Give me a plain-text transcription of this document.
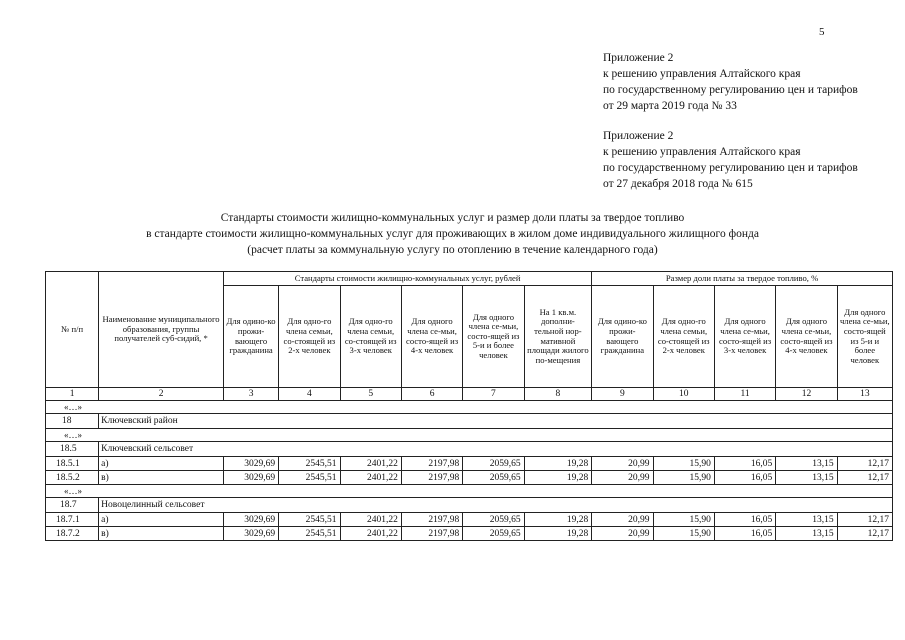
5
Приложение 2
к решению управления Алтайского края
по государственному регулированию цен и тарифов
от 29 марта 2019 года № 33
Приложение 2
к решению управления Алтайского края
по государственному регулированию цен и тарифов
от 27 декабря 2018 года № 615
Стандарты стоимости жилищно-коммунальных услуг и размер доли платы за твердое топливо
в стандарте стоимости жилищно-коммунальных услуг для проживающих в жилом доме индивидуального жилищного фонда
(расчет платы за коммунальную услугу по отоплению в течение календарного года)
№ п/п	Наименование муниципального образования, группы получателей суб-сидий, *	Стандарты стоимости жилищно-коммунальных услуг, рублей						Размер доли платы за твердое топливо, %				
		Для одино-ко прожи-вающего гражданина	Для одно-го члена семьи, со-стоящей из 2-х человек	Для одно-го члена семьи, со-стоящей из 3-х человек	Для одного члена се-мьи, состо-ящей из 4-х человек	Для одного члена се-мьи, состо-ящей из 5-и и более человек	На 1 кв.м. дополни-тельной нор-мативной площади жилого по-мещения	Для одино-ко прожи-вающего гражданина	Для одно-го члена семьи, со-стоящей из 2-х человек	Для одного члена се-мьи, состо-ящей из 3-х человек	Для одного члена се-мьи, состо-ящей из 4-х человек	Для одного члена се-мьи, состо-ящей из 5-и и более человек
1	2	3	4	5	6	7	8	9	10	11	12	13
«…»												
18	Ключевский район											
«…»												
18.5	Ключевский сельсовет											
18.5.1	а)	3029,69	2545,51	2401,22	2197,98	2059,65	19,28	20,99	15,90	16,05	13,15	12,17
18.5.2	в)	3029,69	2545,51	2401,22	2197,98	2059,65	19,28	20,99	15,90	16,05	13,15	12,17
«…»												
18.7	Новоцелинный сельсовет											
18.7.1	а)	3029,69	2545,51	2401,22	2197,98	2059,65	19,28	20,99	15,90	16,05	13,15	12,17
18.7.2	в)	3029,69	2545,51	2401,22	2197,98	2059,65	19,28	20,99	15,90	16,05	13,15	12,17
